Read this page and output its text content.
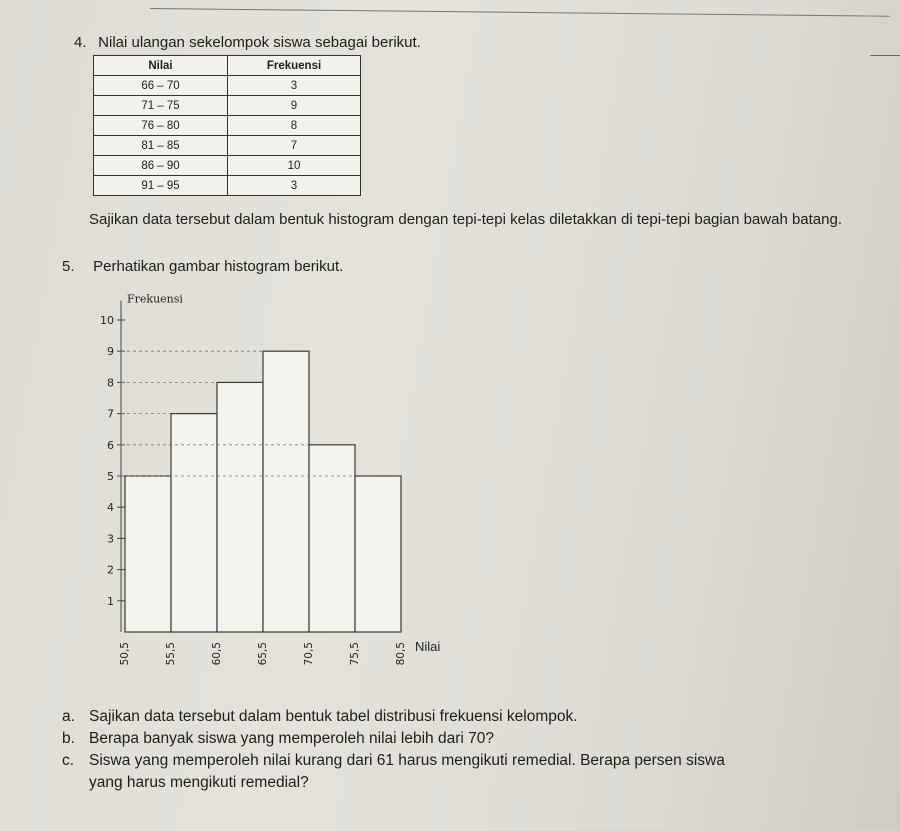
4. Nilai ulangan sekelompok siswa sebagai berikut.
Nilai	Frekuensi
66 – 70	3
71 – 75	9
76 – 80	8
81 – 85	7
86 – 90	10
91 – 95	3
Sajikan data tersebut dalam bentuk histogram dengan tepi-tepi kelas diletakkan di tepi-tepi bagian bawah batang.
5. Perhatikan gambar histogram berikut.
1
2
3
4
5
6
7
8
9
10
50,5	55,5	60,5	65,5	70,5	75,5	80,5
Frekuensi
Nilai
a. Sajikan data tersebut dalam bentuk tabel distribusi frekuensi kelompok.
b. Berapa banyak siswa yang memperoleh nilai lebih dari 70?
c. Siswa yang memperoleh nilai kurang dari 61 harus mengikuti remedial. Berapa persen siswa
yang harus mengikuti remedial?
